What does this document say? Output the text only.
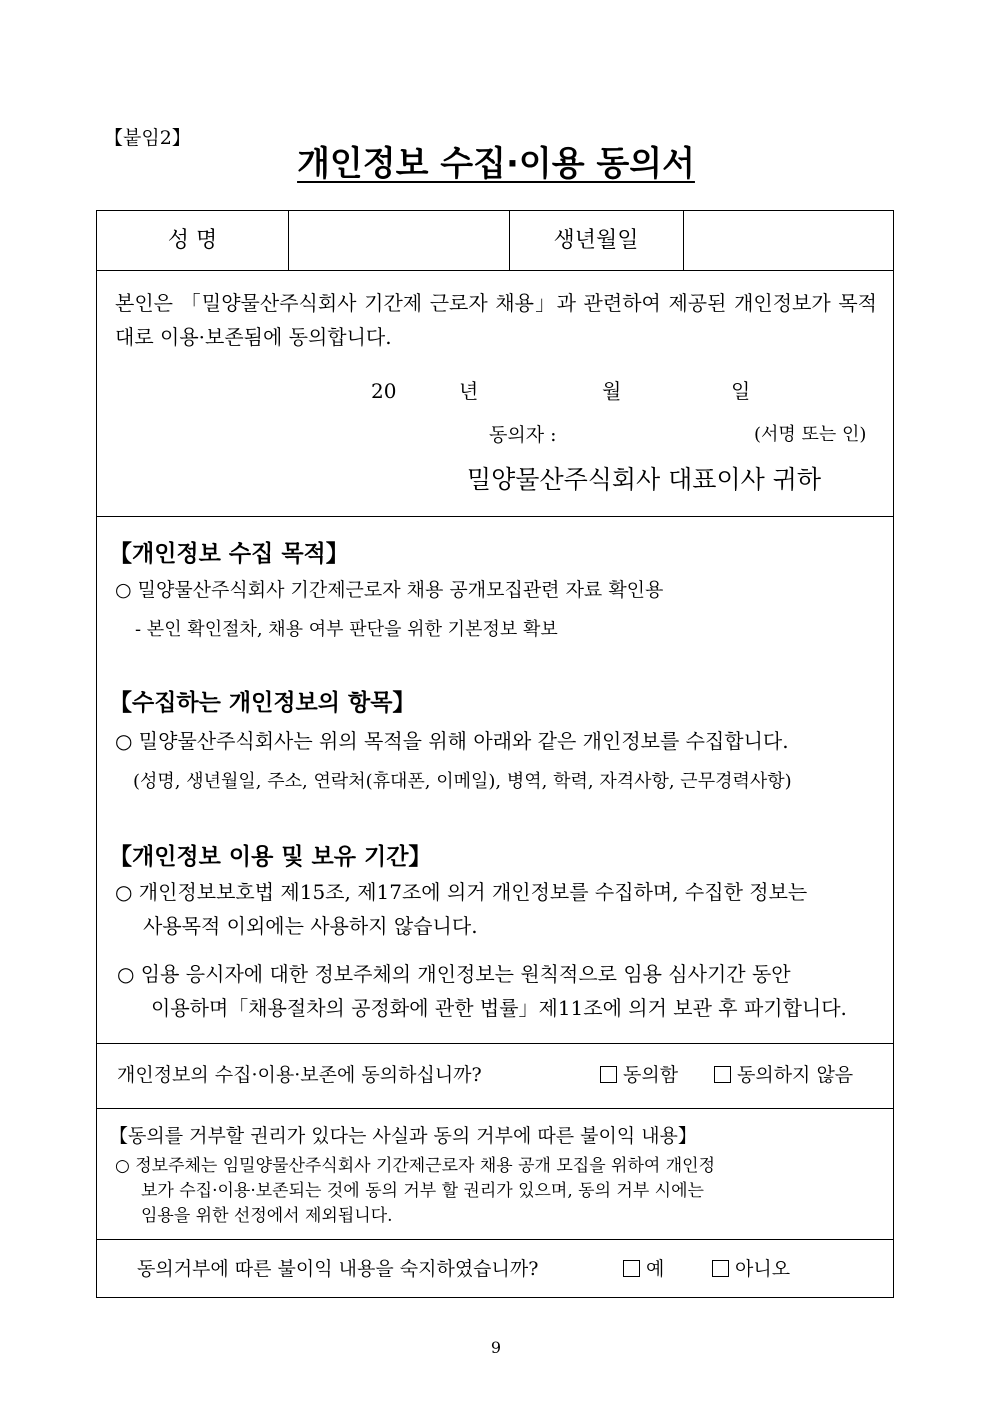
【붙임2】
개인정보 수집·이용 동의서
성 명	생년월일
본인은 「밀양물산주식회사 기간제 근로자 채용」과 관련하여 제공된 개인정보가 목적대로 이용·보존됨에 동의합니다.
20	년	월	일
동의자 :	(서명 또는 인)
밀양물산주식회사 대표이사 귀하
【개인정보 수집 목적】
○ 밀양물산주식회사 기간제근로자 채용 공개모집관련 자료 확인용
- 본인 확인절차, 채용 여부 판단을 위한 기본정보 확보
【수집하는 개인정보의 항목】
○ 밀양물산주식회사는 위의 목적을 위해 아래와 같은 개인정보를 수집합니다.
(성명, 생년월일, 주소, 연락처(휴대폰, 이메일), 병역, 학력, 자격사항, 근무경력사항)
【개인정보 이용 및 보유 기간】
○ 개인정보보호법 제15조, 제17조에 의거 개인정보를 수집하며, 수집한 정보는
사용목적 이외에는 사용하지 않습니다.
○ 임용 응시자에 대한 정보주체의 개인정보는 원칙적으로 임용 심사기간 동안
이용하며「채용절차의 공정화에 관한 법률」제11조에 의거 보관 후 파기합니다.
개인정보의 수집·이용·보존에 동의하십니까?	동의함	동의하지 않음
【동의를 거부할 권리가 있다는 사실과 동의 거부에 따른 불이익 내용】
○ 정보주체는 임밀양물산주식회사 기간제근로자 채용 공개 모집을 위하여 개인정
보가 수집·이용·보존되는 것에 동의 거부 할 권리가 있으며, 동의 거부 시에는
임용을 위한 선정에서 제외됩니다.
동의거부에 따른 불이익 내용을 숙지하였습니까?	예	아니오
9
